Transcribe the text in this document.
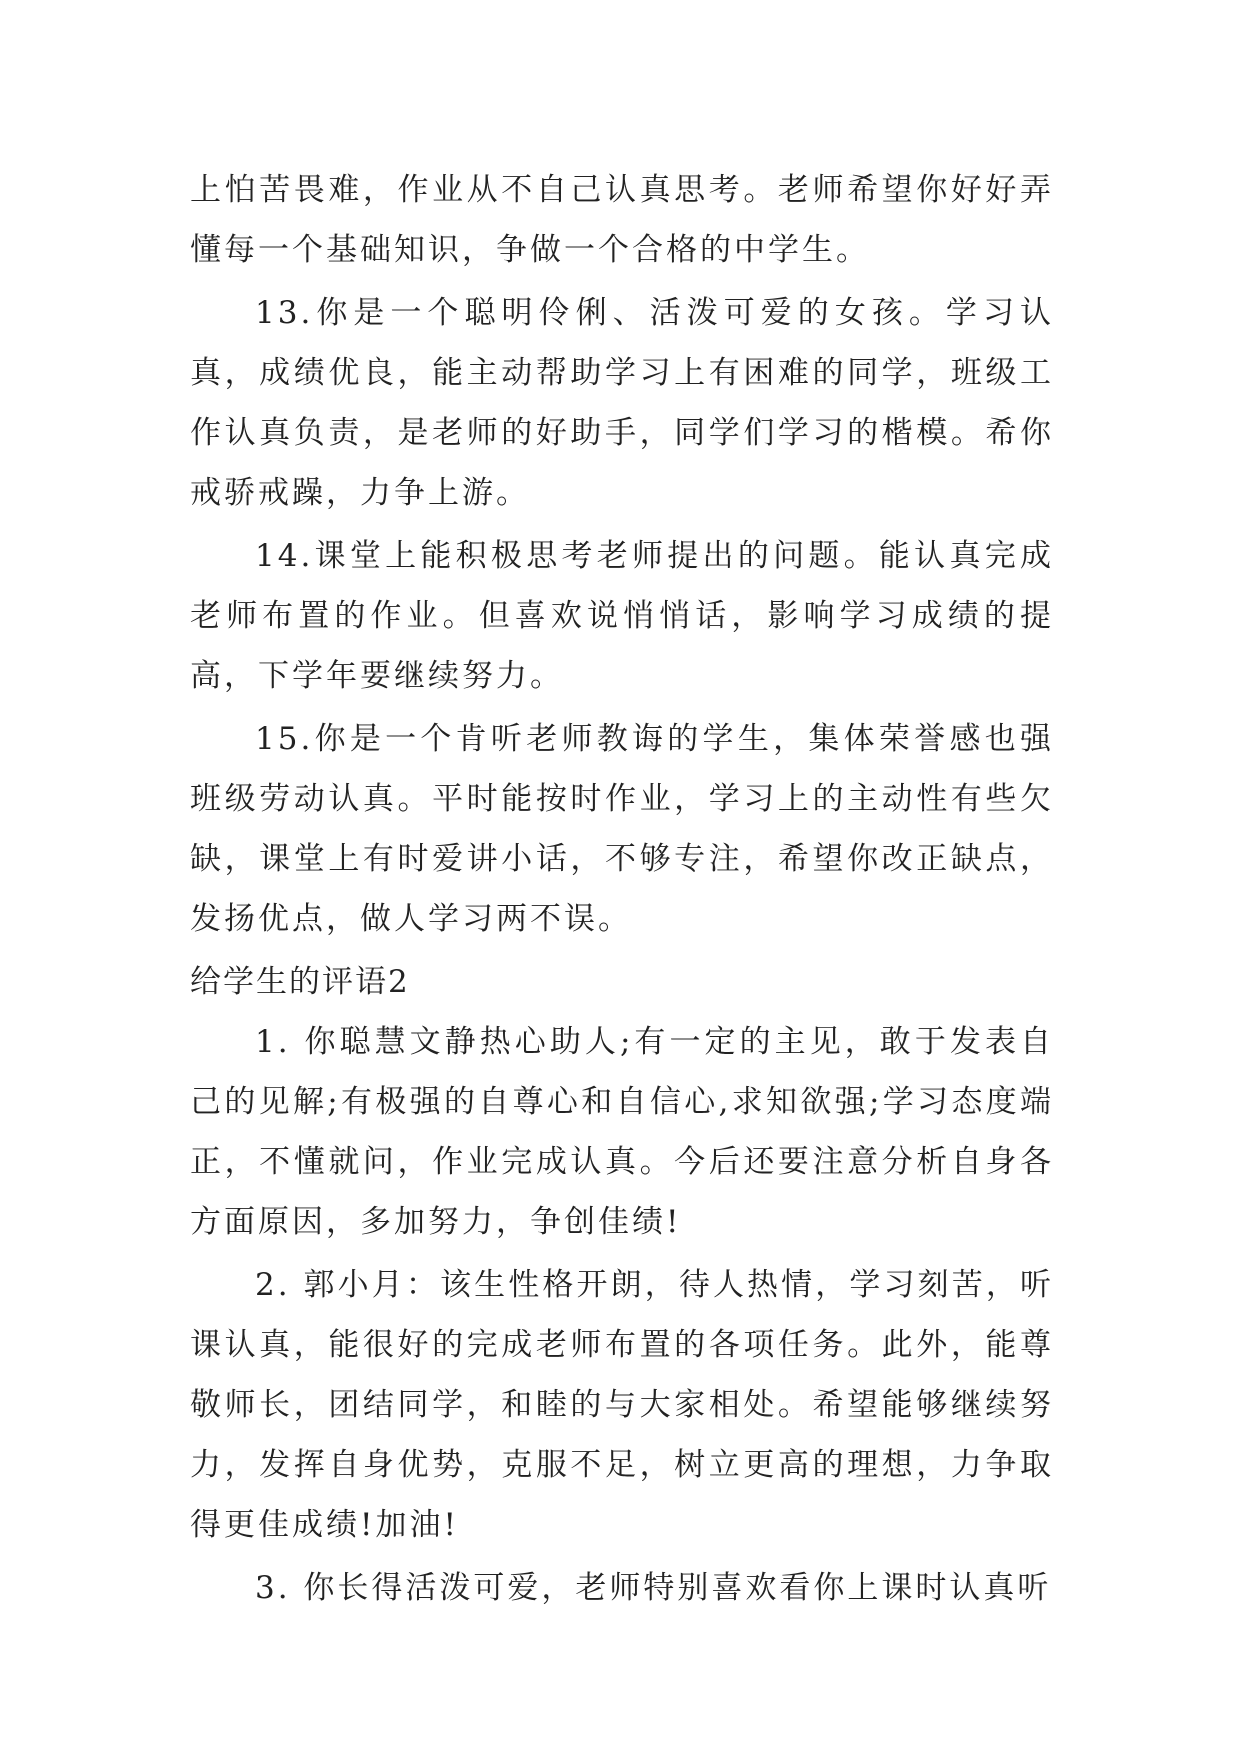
上怕苦畏难，作业从不自己认真思考。老师希望你好好弄懂每一个基础知识，争做一个合格的中学生。

13.你是一个聪明伶俐、活泼可爱的女孩。学习认真，成绩优良，能主动帮助学习上有困难的同学，班级工作认真负责，是老师的好助手，同学们学习的楷模。希你戒骄戒躁，力争上游。

14.课堂上能积极思考老师提出的问题。能认真完成老师布置的作业。但喜欢说悄悄话，影响学习成绩的提高，下学年要继续努力。

15.你是一个肯听老师教诲的学生，集体荣誉感也强班级劳动认真。平时能按时作业，学习上的主动性有些欠缺，课堂上有时爱讲小话，不够专注，希望你改正缺点，发扬优点，做人学习两不误。

给学生的评语2

1. 你聪慧文静热心助人;有一定的主见，敢于发表自己的见解;有极强的自尊心和自信心,求知欲强;学习态度端正，不懂就问，作业完成认真。今后还要注意分析自身各方面原因，多加努力，争创佳绩!

2. 郭小月：该生性格开朗，待人热情，学习刻苦，听课认真，能很好的完成老师布置的各项任务。此外，能尊敬师长，团结同学，和睦的与大家相处。希望能够继续努力，发挥自身优势，克服不足，树立更高的理想，力争取得更佳成绩!加油!

3. 你长得活泼可爱，老师特别喜欢看你上课时认真听
